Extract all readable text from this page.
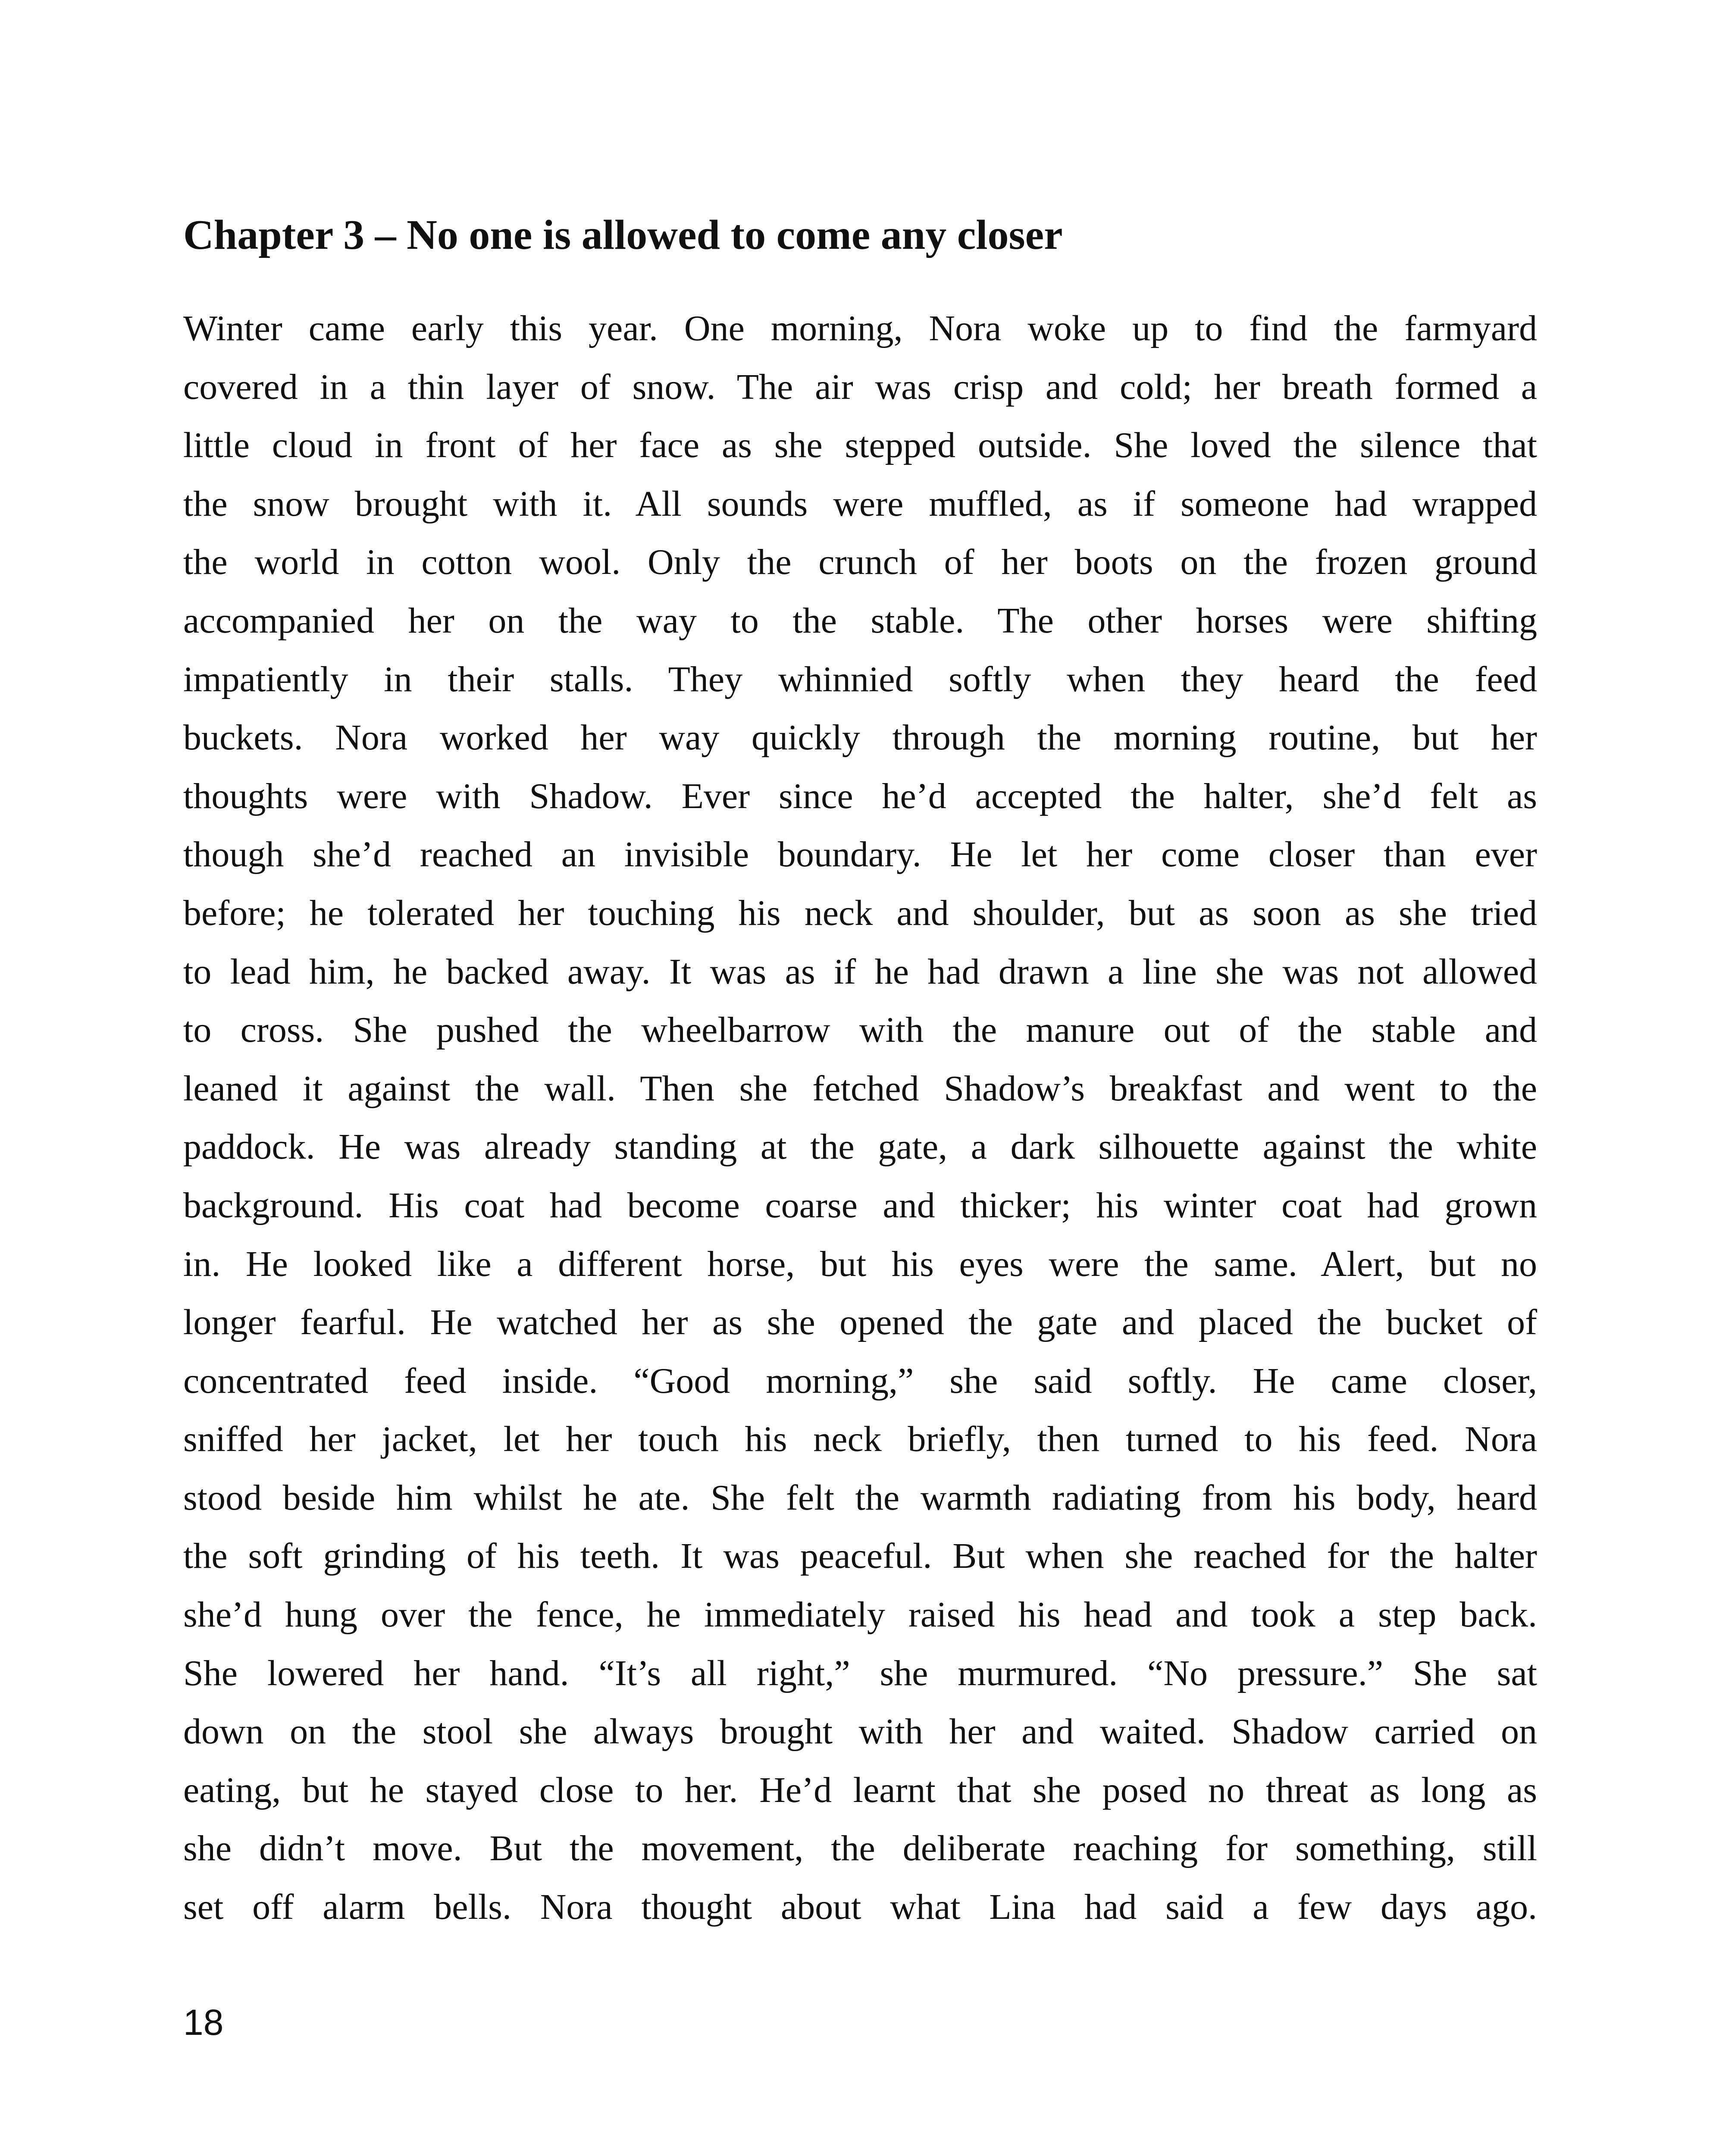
Chapter 3 – No one is allowed to come any closer
Winter came early this year. One morning, Nora woke up to find the farmyard
covered in a thin layer of snow. The air was crisp and cold; her breath formed a
little cloud in front of her face as she stepped outside. She loved the silence that
the snow brought with it. All sounds were muffled, as if someone had wrapped
the world in cotton wool. Only the crunch of her boots on the frozen ground
accompanied her on the way to the stable. The other horses were shifting
impatiently in their stalls. They whinnied softly when they heard the feed
buckets. Nora worked her way quickly through the morning routine, but her
thoughts were with Shadow. Ever since he’d accepted the halter, she’d felt as
though she’d reached an invisible boundary. He let her come closer than ever
before; he tolerated her touching his neck and shoulder, but as soon as she tried
to lead him, he backed away. It was as if he had drawn a line she was not allowed
to cross. She pushed the wheelbarrow with the manure out of the stable and
leaned it against the wall. Then she fetched Shadow’s breakfast and went to the
paddock. He was already standing at the gate, a dark silhouette against the white
background. His coat had become coarse and thicker; his winter coat had grown
in. He looked like a different horse, but his eyes were the same. Alert, but no
longer fearful. He watched her as she opened the gate and placed the bucket of
concentrated feed inside. “Good morning,” she said softly. He came closer,
sniffed her jacket, let her touch his neck briefly, then turned to his feed. Nora
stood beside him whilst he ate. She felt the warmth radiating from his body, heard
the soft grinding of his teeth. It was peaceful. But when she reached for the halter
she’d hung over the fence, he immediately raised his head and took a step back.
She lowered her hand. “It’s all right,” she murmured. “No pressure.” She sat
down on the stool she always brought with her and waited. Shadow carried on
eating, but he stayed close to her. He’d learnt that she posed no threat as long as
she didn’t move. But the movement, the deliberate reaching for something, still
set off alarm bells. Nora thought about what Lina had said a few days ago.

18
